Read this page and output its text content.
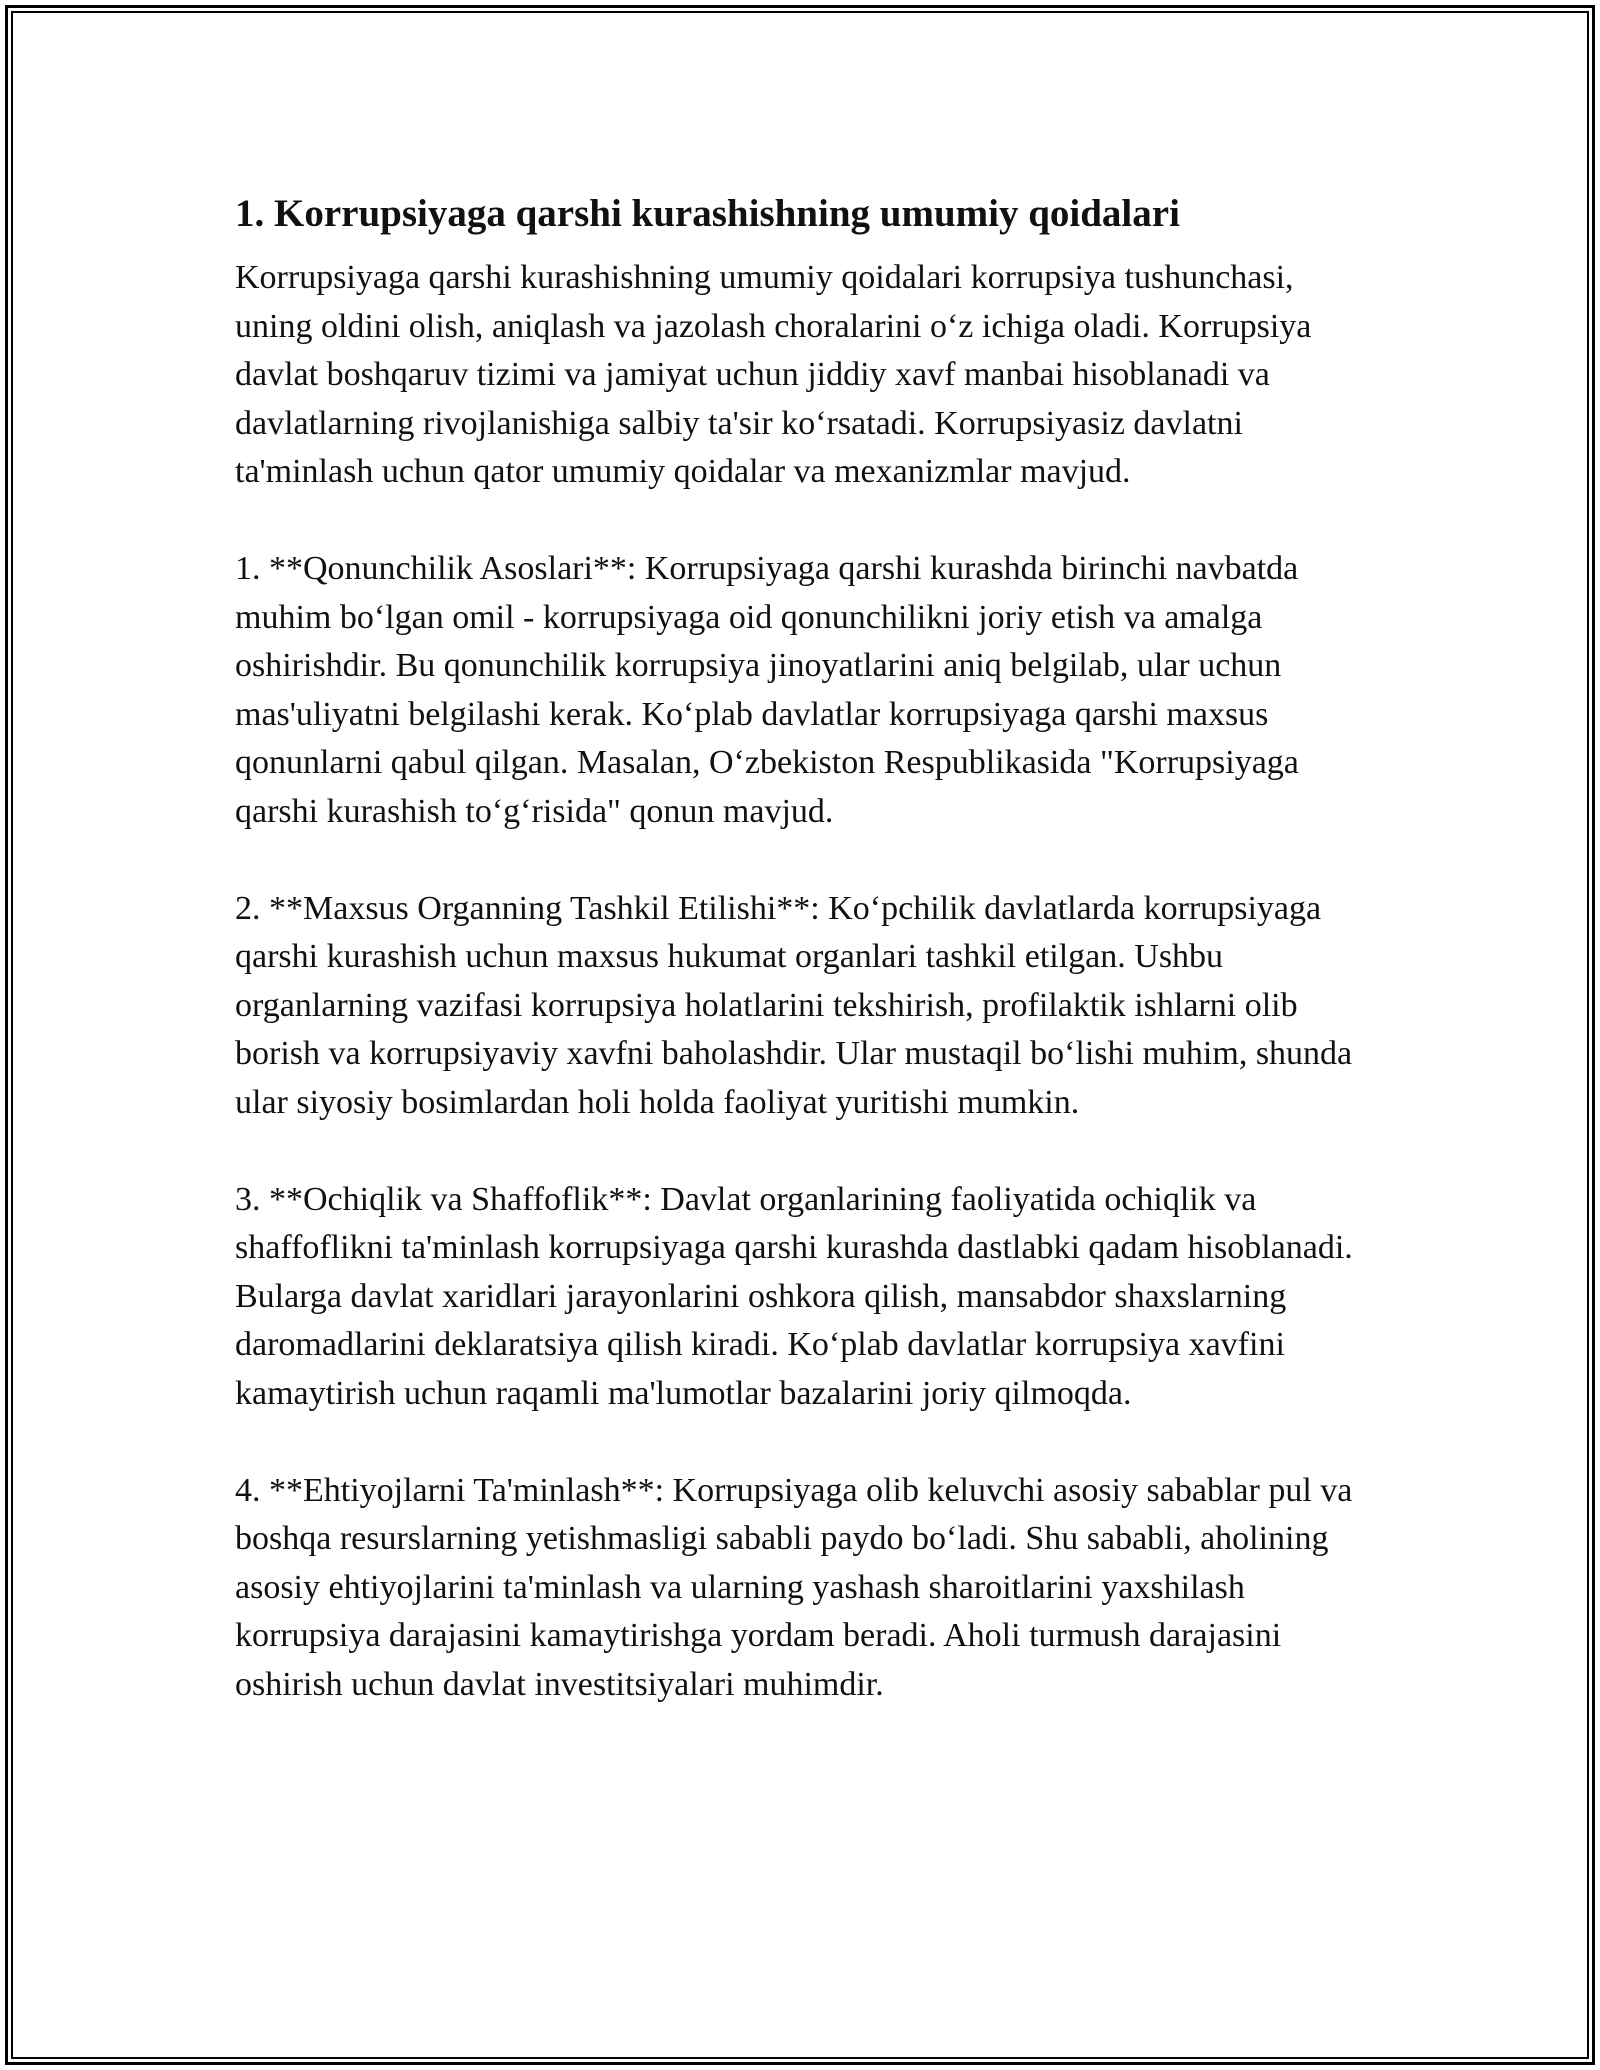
1. Korrupsiyaga qarshi kurashishning umumiy qoidalari

Korrupsiyaga qarshi kurashishning umumiy qoidalari korrupsiya tushunchasi, uning oldini olish, aniqlash va jazolash choralarini oʻz ichiga oladi. Korrupsiya davlat boshqaruv tizimi va jamiyat uchun jiddiy xavf manbai hisoblanadi va davlatlarning rivojlanishiga salbiy ta'sir koʻrsatadi. Korrupsiyasiz davlatni ta'minlash uchun qator umumiy qoidalar va mexanizmlar mavjud.

1. **Qonunchilik Asoslari**: Korrupsiyaga qarshi kurashda birinchi navbatda muhim boʻlgan omil - korrupsiyaga oid qonunchilikni joriy etish va amalga oshirishdir. Bu qonunchilik korrupsiya jinoyatlarini aniq belgilab, ular uchun mas'uliyatni belgilashi kerak. Koʻplab davlatlar korrupsiyaga qarshi maxsus qonunlarni qabul qilgan. Masalan, Oʻzbekiston Respublikasida "Korrupsiyaga qarshi kurashish toʻgʻrisida" qonun mavjud.

2. **Maxsus Organning Tashkil Etilishi**: Koʻpchilik davlatlarda korrupsiyaga qarshi kurashish uchun maxsus hukumat organlari tashkil etilgan. Ushbu organlarning vazifasi korrupsiya holatlarini tekshirish, profilaktik ishlarni olib borish va korrupsiyaviy xavfni baholashdir. Ular mustaqil boʻlishi muhim, shunda ular siyosiy bosimlardan holi holda faoliyat yuritishi mumkin.

3. **Ochiqlik va Shaffoflik**: Davlat organlarining faoliyatida ochiqlik va shaffoflikni ta'minlash korrupsiyaga qarshi kurashda dastlabki qadam hisoblanadi. Bularga davlat xaridlari jarayonlarini oshkora qilish, mansabdor shaxslarning daromadlarini deklaratsiya qilish kiradi. Koʻplab davlatlar korrupsiya xavfini kamaytirish uchun raqamli ma'lumotlar bazalarini joriy qilmoqda.

4. **Ehtiyojlarni Ta'minlash**: Korrupsiyaga olib keluvchi asosiy sabablar pul va boshqa resurslarning yetishmasligi sababli paydo boʻladi. Shu sababli, aholining asosiy ehtiyojlarini ta'minlash va ularning yashash sharoitlarini yaxshilash korrupsiya darajasini kamaytirishga yordam beradi. Aholi turmush darajasini oshirish uchun davlat investitsiyalari muhimdir.
